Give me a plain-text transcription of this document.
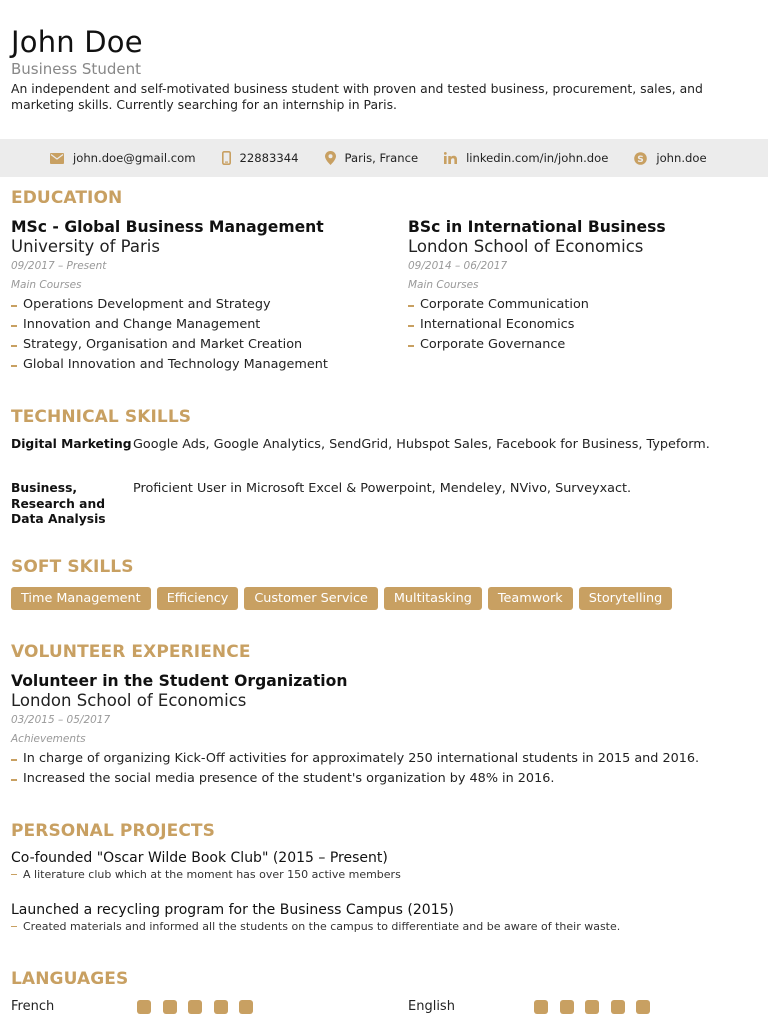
John Doe
Business Student
An independent and self-motivated business student with proven and tested business, procurement, sales, and marketing skills. Currently searching for an internship in Paris.
john.doe@gmail.com	22883344	Paris, France	linkedin.com/in/john.doe	S john.doe
EDUCATION
MSc - Global Business Management
University of Paris
09/2017 – Present
Main Courses
Operations Development and Strategy
Innovation and Change Management
Strategy, Organisation and Market Creation
Global Innovation and Technology Management
BSc in International Business
London School of Economics
09/2014 – 06/2017
Main Courses
Corporate Communication
International Economics
Corporate Governance
TECHNICAL SKILLS
Digital Marketing Google Ads, Google Analytics, SendGrid, Hubspot Sales, Facebook for Business, Typeform.
Business, Research and Data Analysis
Proficient User in Microsoft Excel & Powerpoint, Mendeley, NVivo, Surveyxact.
SOFT SKILLS
Time Management	Efficiency	Customer Service	Multitasking	Teamwork	Storytelling
VOLUNTEER EXPERIENCE
Volunteer in the Student Organization
London School of Economics
03/2015 – 05/2017
Achievements
In charge of organizing Kick-Off activities for approximately 250 international students in 2015 and 2016.
Increased the social media presence of the student's organization by 48% in 2016.
PERSONAL PROJECTS
Co-founded "Oscar Wilde Book Club" (2015 – Present)
A literature club which at the moment has over 150 active members
Launched a recycling program for the Business Campus (2015)
Created materials and informed all the students on the campus to differentiate and be aware of their waste.
LANGUAGES
French	English
